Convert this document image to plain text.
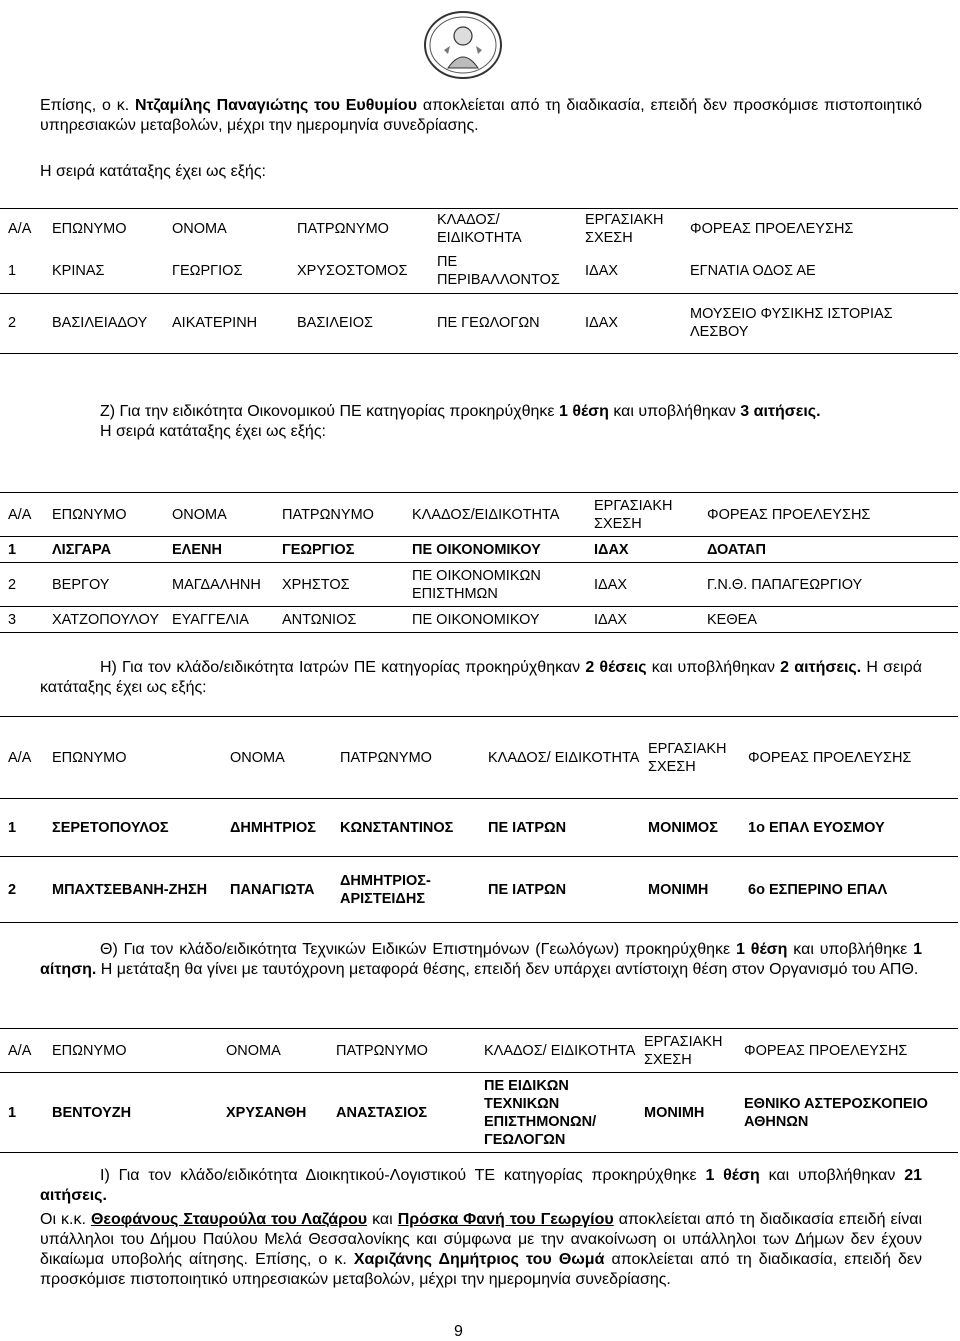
Επίσης, ο κ. Ντζαμίλης Παναγιώτης του Ευθυμίου αποκλείεται από τη διαδικασία, επειδή δεν προσκόμισε πιστοποιητικό υπηρεσιακών μεταβολών, μέχρι την ημερομηνία συνεδρίασης.
Η σειρά κατάταξης έχει ως εξής:
Α/Α	ΕΠΩΝΥΜΟ	ΟΝΟΜΑ	ΠΑΤΡΩΝΥΜΟ	ΚΛΑΔΟΣ/ ΕΙΔΙΚΟΤΗΤΑ	ΕΡΓΑΣΙΑΚΗ ΣΧΕΣΗ	ΦΟΡΕΑΣ ΠΡΟΕΛΕΥΣΗΣ
1	ΚΡΙΝΑΣ	ΓΕΩΡΓΙΟΣ	ΧΡΥΣΟΣΤΟΜΟΣ	ΠΕ ΠΕΡΙΒΑΛΛΟΝΤΟΣ	ΙΔΑΧ	ΕΓΝΑΤΙΑ ΟΔΟΣ ΑΕ
2	ΒΑΣΙΛΕΙΑΔΟΥ	ΑΙΚΑΤΕΡΙΝΗ	ΒΑΣΙΛΕΙΟΣ	ΠΕ ΓΕΩΛΟΓΩΝ	ΙΔΑΧ	ΜΟΥΣΕΙΟ ΦΥΣΙΚΗΣ ΙΣΤΟΡΙΑΣ ΛΕΣΒΟΥ
Ζ) Για την ειδικότητα Οικονομικού ΠΕ κατηγορίας προκηρύχθηκε 1 θέση και υποβλήθηκαν 3 αιτήσεις.
Η σειρά κατάταξης έχει ως εξής:
Α/Α	ΕΠΩΝΥΜΟ	ΟΝΟΜΑ	ΠΑΤΡΩΝΥΜΟ	ΚΛΑΔΟΣ/ΕΙΔΙΚΟΤΗΤΑ	ΕΡΓΑΣΙΑΚΗ ΣΧΕΣΗ	ΦΟΡΕΑΣ ΠΡΟΕΛΕΥΣΗΣ
1	ΛΙΣΓΑΡΑ	ΕΛΕΝΗ	ΓΕΩΡΓΙΟΣ	ΠΕ ΟΙΚΟΝΟΜΙΚΟΥ	ΙΔΑΧ	ΔΟΑΤΑΠ
2	ΒΕΡΓΟΥ	ΜΑΓΔΑΛΗΝΗ	ΧΡΗΣΤΟΣ	ΠΕ ΟΙΚΟΝΟΜΙΚΩΝ ΕΠΙΣΤΗΜΩΝ	ΙΔΑΧ	Γ.Ν.Θ. ΠΑΠΑΓΕΩΡΓΙΟΥ
3	ΧΑΤΖΟΠΟΥΛΟΥ	ΕΥΑΓΓΕΛΙΑ	ΑΝΤΩΝΙΟΣ	ΠΕ ΟΙΚΟΝΟΜΙΚΟΥ	ΙΔΑΧ	ΚΕΘΕΑ
Η) Για τον κλάδο/ειδικότητα Ιατρών ΠΕ κατηγορίας προκηρύχθηκαν 2 θέσεις και υποβλήθηκαν 2 αιτήσεις. Η σειρά κατάταξης έχει ως εξής:
Α/Α	ΕΠΩΝΥΜΟ	ΟΝΟΜΑ	ΠΑΤΡΩΝΥΜΟ	ΚΛΑΔΟΣ/ ΕΙΔΙΚΟΤΗΤΑ	ΕΡΓΑΣΙΑΚΗ ΣΧΕΣΗ	ΦΟΡΕΑΣ ΠΡΟΕΛΕΥΣΗΣ
1	ΣΕΡΕΤΟΠΟΥΛΟΣ	ΔΗΜΗΤΡΙΟΣ	ΚΩΝΣΤΑΝΤΙΝΟΣ	ΠΕ ΙΑΤΡΩΝ	ΜΟΝΙΜΟΣ	1ο ΕΠΑΛ ΕΥΟΣΜΟΥ
2	ΜΠΑΧΤΣΕΒΑΝΗ-ΖΗΣΗ	ΠΑΝΑΓΙΩΤΑ	ΔΗΜΗΤΡΙΟΣ-ΑΡΙΣΤΕΙΔΗΣ	ΠΕ ΙΑΤΡΩΝ	ΜΟΝΙΜΗ	6ο ΕΣΠΕΡΙΝΟ ΕΠΑΛ
Θ) Για τον κλάδο/ειδικότητα Τεχνικών Ειδικών Επιστημόνων (Γεωλόγων) προκηρύχθηκε 1 θέση και υποβλήθηκε 1 αίτηση. Η μετάταξη θα γίνει με ταυτόχρονη μεταφορά θέσης, επειδή δεν υπάρχει αντίστοιχη θέση στον Οργανισμό του ΑΠΘ.
Α/Α	ΕΠΩΝΥΜΟ	ΟΝΟΜΑ	ΠΑΤΡΩΝΥΜΟ	ΚΛΑΔΟΣ/ ΕΙΔΙΚΟΤΗΤΑ	ΕΡΓΑΣΙΑΚΗ ΣΧΕΣΗ	ΦΟΡΕΑΣ ΠΡΟΕΛΕΥΣΗΣ
1	ΒΕΝΤΟΥΖΗ	ΧΡΥΣΑΝΘΗ	ΑΝΑΣΤΑΣΙΟΣ	ΠΕ ΕΙΔΙΚΩΝ ΤΕΧΝΙΚΩΝ ΕΠΙΣΤΗΜΟΝΩΝ/ ΓΕΩΛΟΓΩΝ	ΜΟΝΙΜΗ	ΕΘΝΙΚΟ ΑΣΤΕΡΟΣΚΟΠΕΙΟ ΑΘΗΝΩΝ
Ι) Για τον κλάδο/ειδικότητα Διοικητικού-Λογιστικού ΤΕ κατηγορίας προκηρύχθηκε 1 θέση και υποβλήθηκαν 21 αιτήσεις.
Οι κ.κ. Θεοφάνους Σταυρούλα του Λαζάρου και Πρόσκα Φανή του Γεωργίου αποκλείεται από τη διαδικασία επειδή είναι υπάλληλοι του Δήμου Παύλου Μελά Θεσσαλονίκης και σύμφωνα με την ανακοίνωση οι υπάλληλοι των Δήμων δεν έχουν δικαίωμα υποβολής αίτησης. Επίσης, ο κ. Χαριζάνης Δημήτριος του Θωμά αποκλείεται από τη διαδικασία, επειδή δεν προσκόμισε πιστοποιητικό υπηρεσιακών μεταβολών, μέχρι την ημερομηνία συνεδρίασης.
9
